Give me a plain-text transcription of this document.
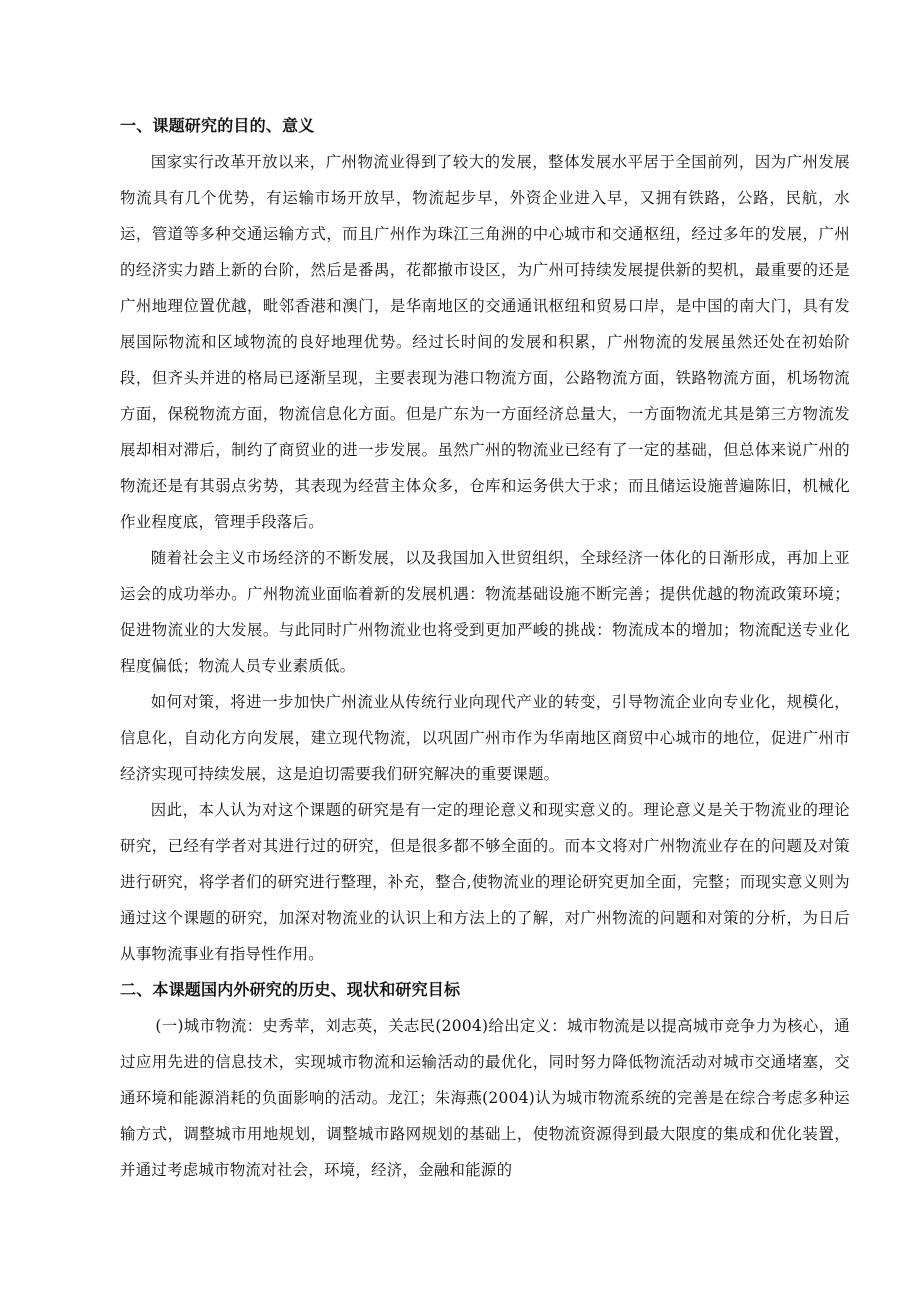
一、课题研究的目的、意义

国家实行改革开放以来，广州物流业得到了较大的发展，整体发展水平居于全国前列，因为广州发展物流具有几个优势，有运输市场开放早，物流起步早，外资企业进入早，又拥有铁路，公路，民航，水运，管道等多种交通运输方式，而且广州作为珠江三角洲的中心城市和交通枢纽，经过多年的发展，广州的经济实力踏上新的台阶，然后是番禺，花都撤市设区，为广州可持续发展提供新的契机，最重要的还是广州地理位置优越，毗邻香港和澳门，是华南地区的交通通讯枢纽和贸易口岸，是中国的南大门，具有发展国际物流和区域物流的良好地理优势。经过长时间的发展和积累，广州物流的发展虽然还处在初始阶段，但齐头并进的格局已逐渐呈现，主要表现为港口物流方面，公路物流方面，铁路物流方面，机场物流方面，保税物流方面，物流信息化方面。但是广东为一方面经济总量大，一方面物流尤其是第三方物流发展却相对滞后，制约了商贸业的进一步发展。虽然广州的物流业已经有了一定的基础，但总体来说广州的物流还是有其弱点劣势，其表现为经营主体众多，仓库和运务供大于求；而且储运设施普遍陈旧，机械化作业程度底，管理手段落后。

随着社会主义市场经济的不断发展，以及我国加入世贸组织，全球经济一体化的日渐形成，再加上亚运会的成功举办。广州物流业面临着新的发展机遇：物流基础设施不断完善；提供优越的物流政策环境；促进物流业的大发展。与此同时广州物流业也将受到更加严峻的挑战：物流成本的增加；物流配送专业化程度偏低；物流人员专业素质低。

如何对策，将进一步加快广州流业从传统行业向现代产业的转变，引导物流企业向专业化，规模化，信息化，自动化方向发展，建立现代物流，以巩固广州市作为华南地区商贸中心城市的地位，促进广州市经济实现可持续发展，这是迫切需要我们研究解决的重要课题。

因此，本人认为对这个课题的研究是有一定的理论意义和现实意义的。理论意义是关于物流业的理论研究，已经有学者对其进行过的研究，但是很多都不够全面的。而本文将对广州物流业存在的问题及对策进行研究，将学者们的研究进行整理，补充，整合,使物流业的理论研究更加全面，完整；而现实意义则为通过这个课题的研究，加深对物流业的认识上和方法上的了解，对广州物流的问题和对策的分析，为日后从事物流事业有指导性作用。

二、本课题国内外研究的历史、现状和研究目标

(一)城市物流：史秀苹，刘志英，关志民(2004)给出定义：城市物流是以提高城市竞争力为核心，通过应用先进的信息技术，实现城市物流和运输活动的最优化，同时努力降低物流活动对城市交通堵塞，交通环境和能源消耗的负面影响的活动。龙江；朱海燕(2004)认为城市物流系统的完善是在综合考虑多种运输方式，调整城市用地规划，调整城市路网规划的基础上，使物流资源得到最大限度的集成和优化装置，并通过考虑城市物流对社会，环境，经济，金融和能源的
